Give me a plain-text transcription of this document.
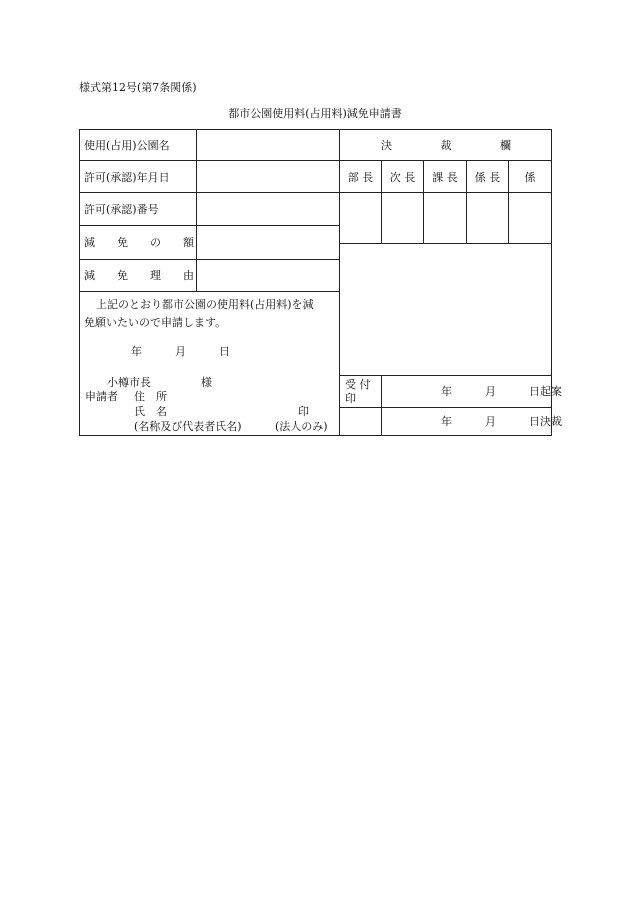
様式第12号(第7条関係)
都市公園使用料(占用料)減免申請書
使用(占用)公園名
許可(承認)年月日
許可(承認)番号
減　　免　　の　　額
減　　免　　理　　由
上記のとおり都市公園の使用料(占用料)を減
免願いたいので申請します。
年　　　月　　　日
小樽市長	様
申請者 住　所
氏　名	印
(名称及び代表者氏名)	(法人のみ)
決	裁	欄
部 長	次 長	課 長	係 長	係
受 付
印
年　　　月　　　日起案
年　　　月　　　日決裁
